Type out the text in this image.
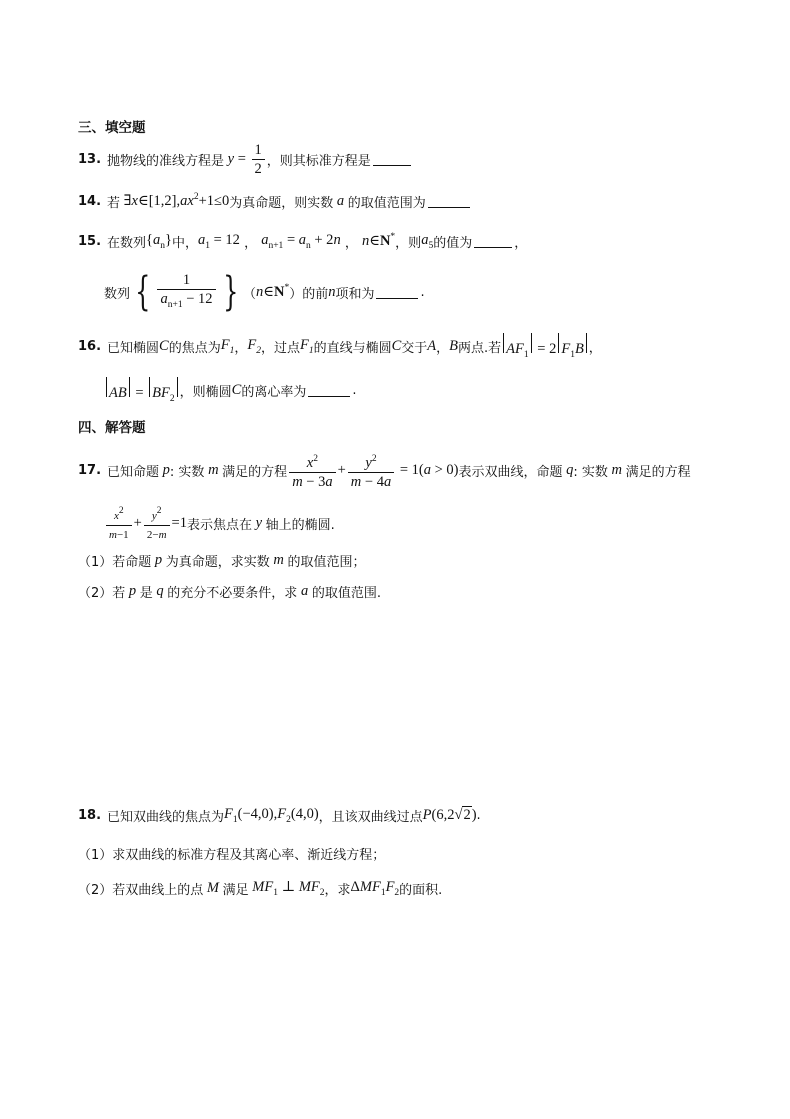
三、填空题
13. 抛物线的准线方程是 $y = \frac{1}{2}$ ，则其标准方程是
14. 若 $\exists x\in[1,2],ax^2+1\le 0$ 为真命题，则实数 a 的取值范围为
15. 在数列 $\{a_n\}$ 中， $a_1 = 12$ ， $a_{n+1} = a_n + 2n$ ， n∈N* ，则 $a_5$ 的值为	，
数列 { $\frac{1}{a_{n+1} - 12}$ } （ n∈N* ）的前 n 项和为	.
16. 已知椭圆 C 的焦点为 $F_1$ ， $F_2$ ，过点 $F_1$ 的直线与椭圆 C 交于 A ， B 两点.若 $AF_1 = 2$ $F_1B$ ，
AB = $BF_2$ ，则椭圆 C 的离心率为	.
四、解答题
17. 已知命题 p : 实数 m 满足的方程 $\frac{x^2}{m - 3a} + \frac{y^2}{m - 4a} = 1(a > 0)$ 表示双曲线，命题 q : 实数 m 满足的方程
$\frac{x2}{m-1} + \frac{y2}{2-m} =1$ 表示焦点在 y 轴上的椭圆.
（1）若命题 p 为真命题，求实数 m 的取值范围；
（2）若 p 是 q 的充分不必要条件，求 a 的取值范围.
18. 已知双曲线的焦点为 $F_1(-4,0),F_2(4,0)$ ，且该双曲线过点 P(6,2√2) .
（1）求双曲线的标准方程及其离心率、渐近线方程；
（2）若双曲线上的点 M 满足 $MF_1$ ⊥ $MF_2$ ，求 $\Delta MF_1F_2$ 的面积.
